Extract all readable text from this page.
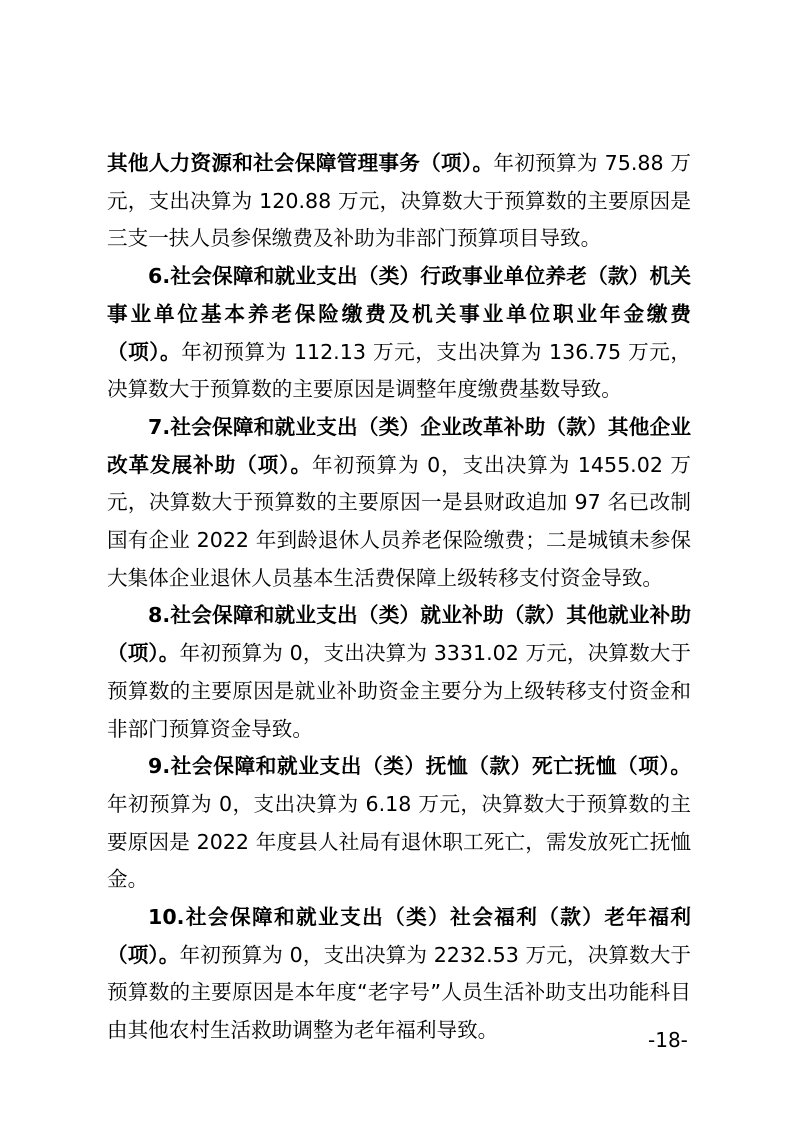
其他人力资源和社会保障管理事务（项）。年初预算为 75.88 万元，支出决算为 120.88 万元，决算数大于预算数的主要原因是三支一扶人员参保缴费及补助为非部门预算项目导致。

6.社会保障和就业支出（类）行政事业单位养老（款）机关事业单位基本养老保险缴费及机关事业单位职业年金缴费（项）。年初预算为 112.13 万元，支出决算为 136.75 万元，决算数大于预算数的主要原因是调整年度缴费基数导致。

7.社会保障和就业支出（类）企业改革补助（款）其他企业改革发展补助（项）。年初预算为 0，支出决算为 1455.02 万元，决算数大于预算数的主要原因一是县财政追加 97 名已改制国有企业 2022 年到龄退休人员养老保险缴费；二是城镇未参保大集体企业退休人员基本生活费保障上级转移支付资金导致。

8.社会保障和就业支出（类）就业补助（款）其他就业补助（项）。年初预算为 0，支出决算为 3331.02 万元，决算数大于预算数的主要原因是就业补助资金主要分为上级转移支付资金和非部门预算资金导致。

9.社会保障和就业支出（类）抚恤（款）死亡抚恤（项）。年初预算为 0，支出决算为 6.18 万元，决算数大于预算数的主要原因是 2022 年度县人社局有退休职工死亡，需发放死亡抚恤金。

10.社会保障和就业支出（类）社会福利（款）老年福利（项）。年初预算为 0，支出决算为 2232.53 万元，决算数大于预算数的主要原因是本年度“老字号”人员生活补助支出功能科目由其他农村生活救助调整为老年福利导致。	-18-
